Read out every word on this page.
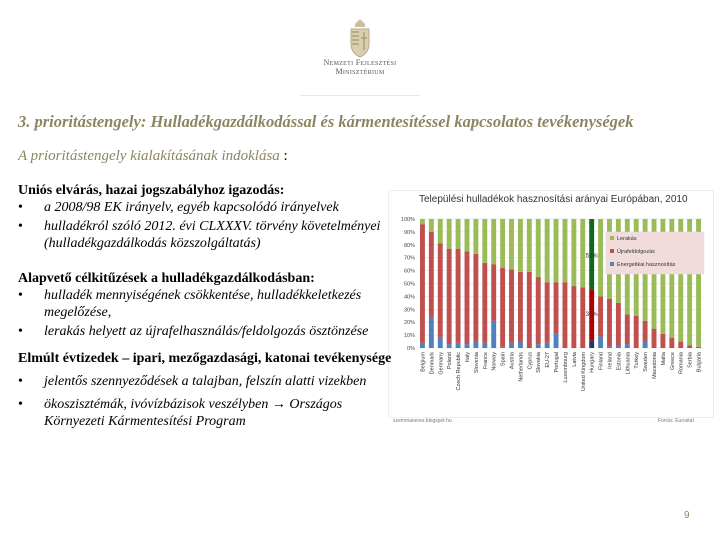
Nemzeti Fejlesztési
Minisztérium
3. prioritástengely: Hulladékgazdálkodással és kármentesítéssel kapcsolatos tevékenységek
A prioritástengely kialakításának indoklása :
Uniós elvárás, hazai jogszabályhoz igazodás:
• a 2008/98 EK irányelv, egyéb kapcsolódó irányelvek
• hulladékról szóló 2012. évi CLXXXV. törvény követelményei (hulladékgazdálkodás közszolgáltatás)
Alapvető célkitűzések a hulladékgazdálkodásban:
• hulladék mennyiségének csökkentése, hulladékkeletkezés megelőzése,
• lerakás helyett az újrafelhasználás/feldolgozás ösztönzése
Elmúlt évtizedek – ipari, mezőgazdasági, katonai tevékenysége
• jelentős szennyeződések a talajban, felszín alatti vizekben
• ökoszisztémák, ivóvízbázisok veszélyben → Országos Környezeti Kármentesítési Program
Települési hulladékok hasznosítási arányai Európában, 2010
0%
10%
20%
30%
40%
50%
60%
70%
80%
90%
100%
Belgium Denmark Germany Poland Czech Republic Italy Slovenia France Norway Spain Austria Netherlands Cyprus Slovakia EU-27 Portugal Luxembourg Latvia United Kingdom Hungary
55%
39%
Finland Ireland Estonia Lithuania Turkey Sweden Macedonia Malta Greece Romania Serbia Bulgaria
Lerakás
Újrafeldolgozás
Energetikai hasznosítás
szemmaneres.blogspot.hu	Forrás: Eurostat
9
